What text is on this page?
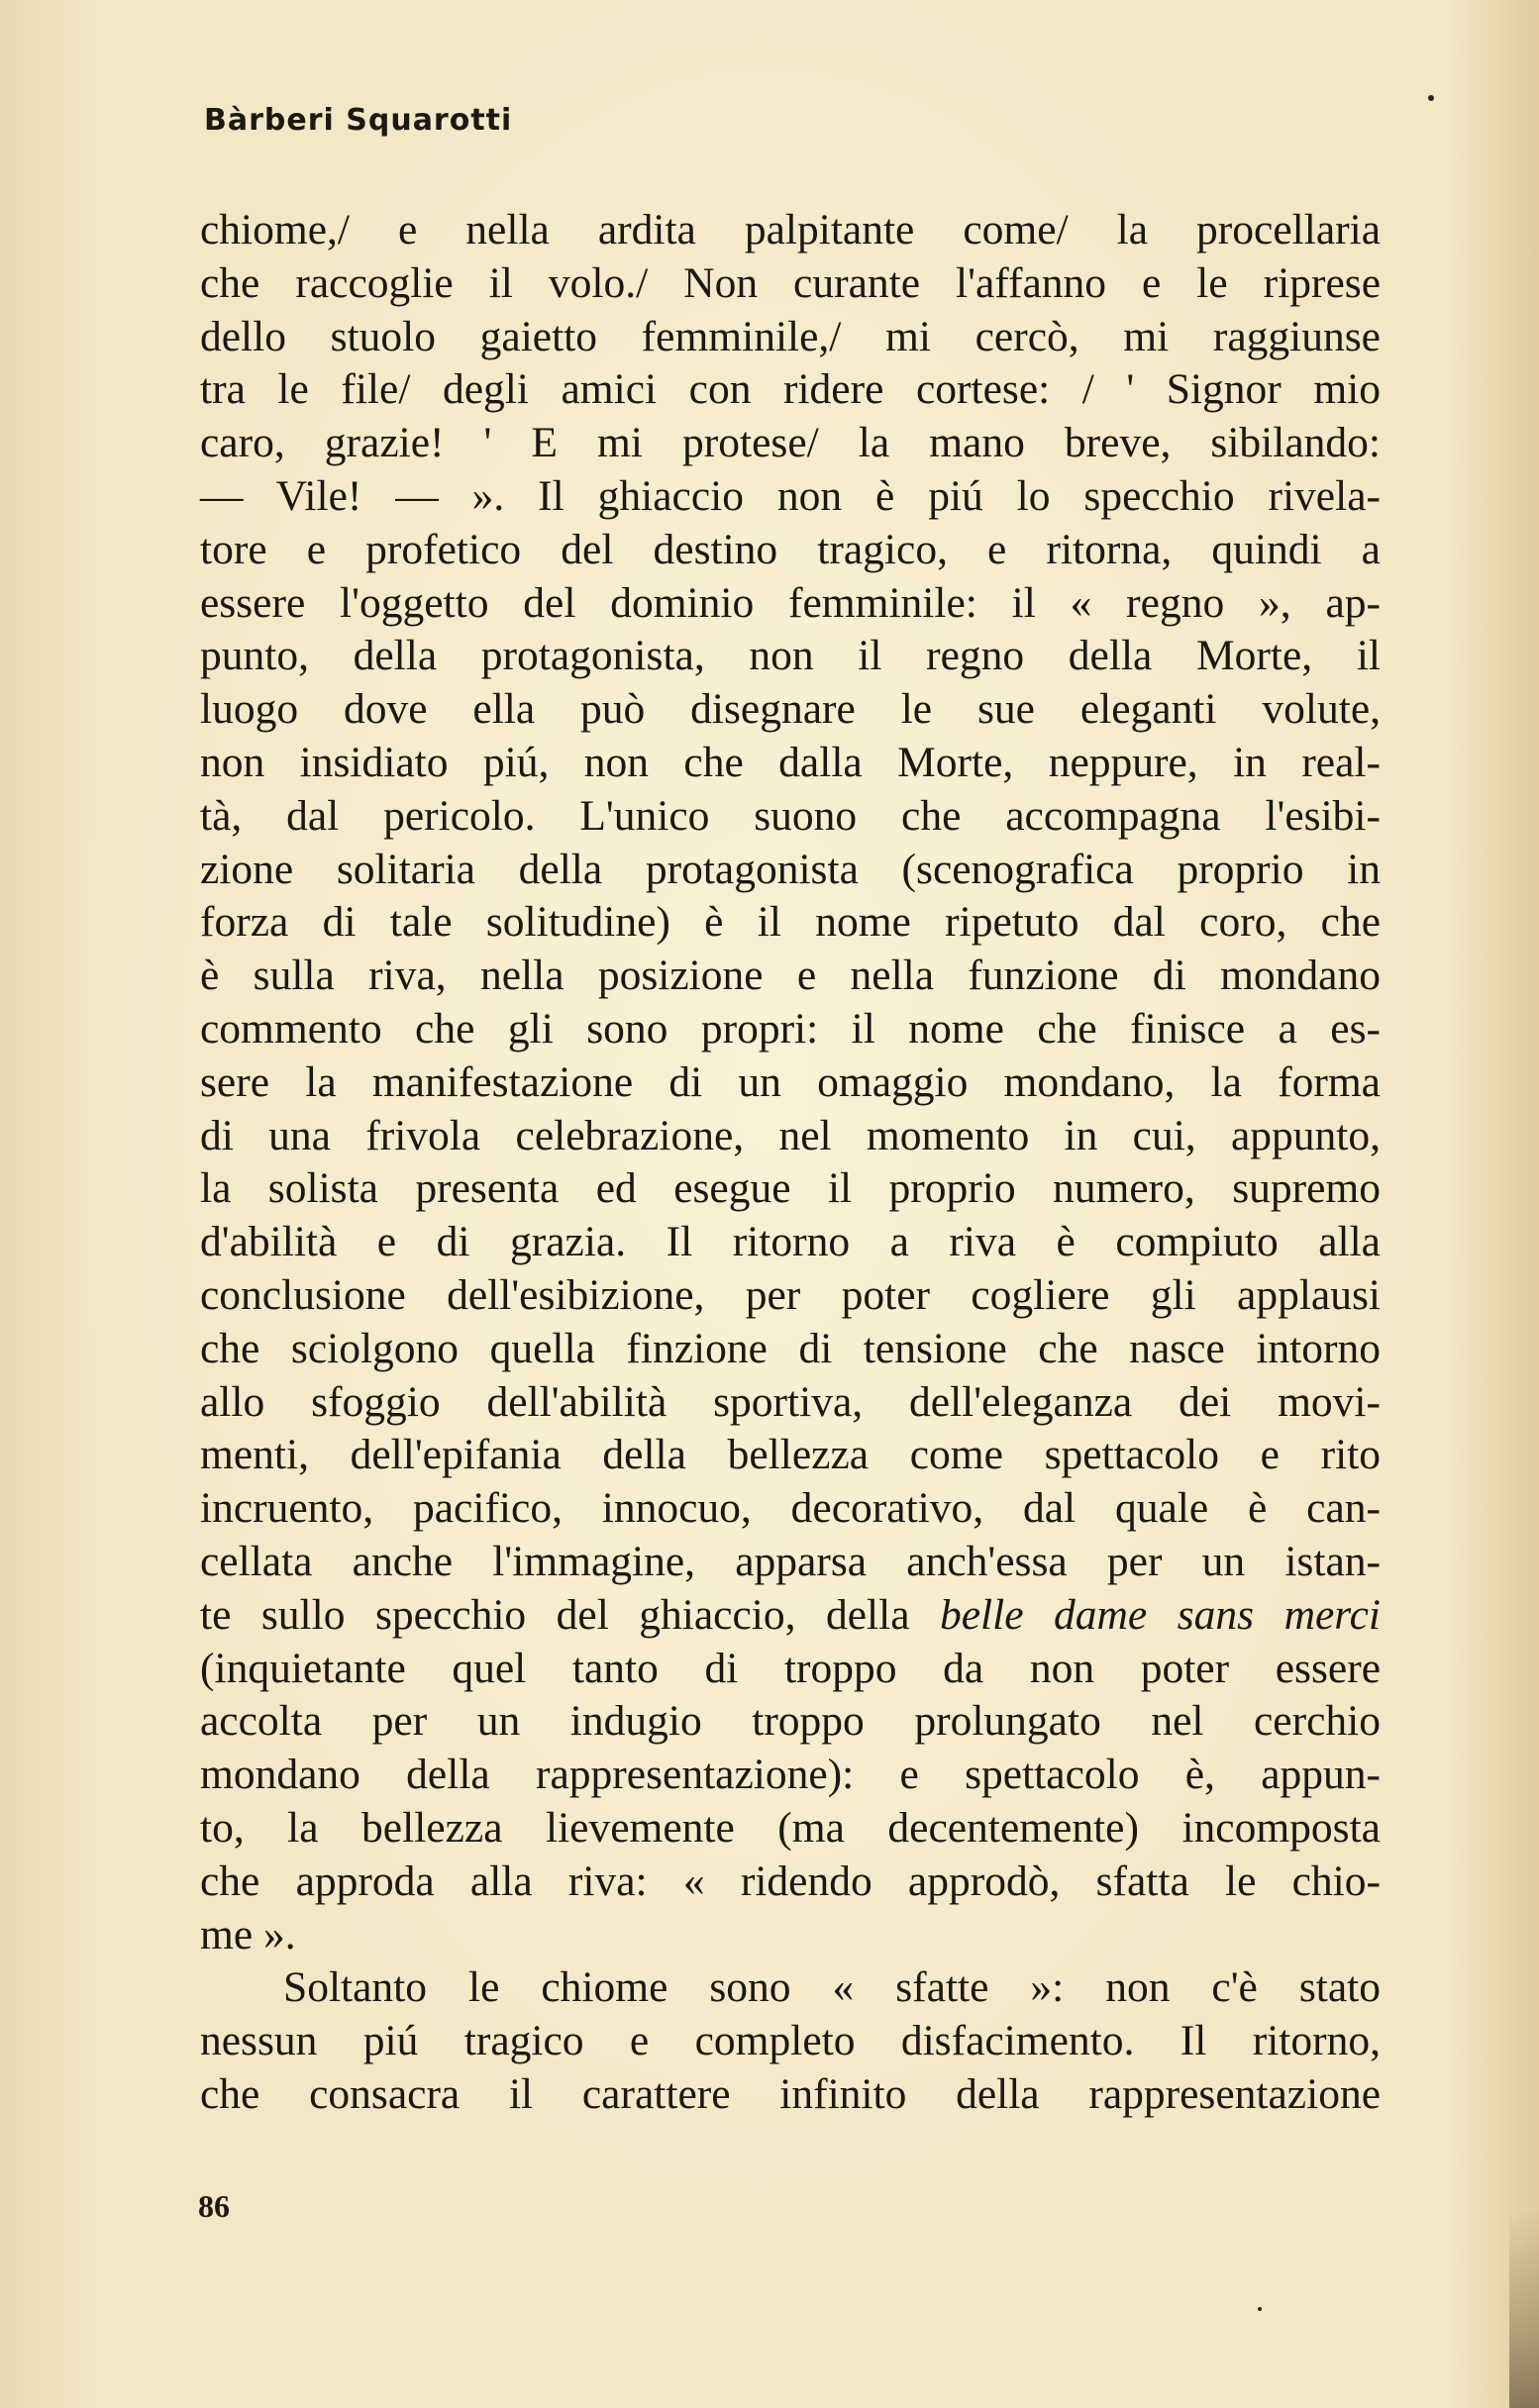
Bàrberi Squarotti
chiome,/ e nella ardita palpitante come/ la procellaria
che raccoglie il volo./ Non curante l'affanno e le riprese
dello stuolo gaietto femminile,/ mi cercò, mi raggiunse
tra le file/ degli amici con ridere cortese: / ' Signor mio
caro, grazie! ' E mi protese/ la mano breve, sibilando:
— Vile! — ». Il ghiaccio non è piú lo specchio rivela-
tore e profetico del destino tragico, e ritorna, quindi a
essere l'oggetto del dominio femminile: il « regno », ap-
punto, della protagonista, non il regno della Morte, il
luogo dove ella può disegnare le sue eleganti volute,
non insidiato piú, non che dalla Morte, neppure, in real-
tà, dal pericolo. L'unico suono che accompagna l'esibi-
zione solitaria della protagonista (scenografica proprio in
forza di tale solitudine) è il nome ripetuto dal coro, che
è sulla riva, nella posizione e nella funzione di mondano
commento che gli sono propri: il nome che finisce a es-
sere la manifestazione di un omaggio mondano, la forma
di una frivola celebrazione, nel momento in cui, appunto,
la solista presenta ed esegue il proprio numero, supremo
d'abilità e di grazia. Il ritorno a riva è compiuto alla
conclusione dell'esibizione, per poter cogliere gli applausi
che sciolgono quella finzione di tensione che nasce intorno
allo sfoggio dell'abilità sportiva, dell'eleganza dei movi-
menti, dell'epifania della bellezza come spettacolo e rito
incruento, pacifico, innocuo, decorativo, dal quale è can-
cellata anche l'immagine, apparsa anch'essa per un istan-
te sullo specchio del ghiaccio, della belle dame sans merci
(inquietante quel tanto di troppo da non poter essere
accolta per un indugio troppo prolungato nel cerchio
mondano della rappresentazione): e spettacolo è, appun-
to, la bellezza lievemente (ma decentemente) incomposta
che approda alla riva: « ridendo approdò, sfatta le chio-
me ».
Soltanto le chiome sono « sfatte »: non c'è stato
nessun piú tragico e completo disfacimento. Il ritorno,
che consacra il carattere infinito della rappresentazione
86
